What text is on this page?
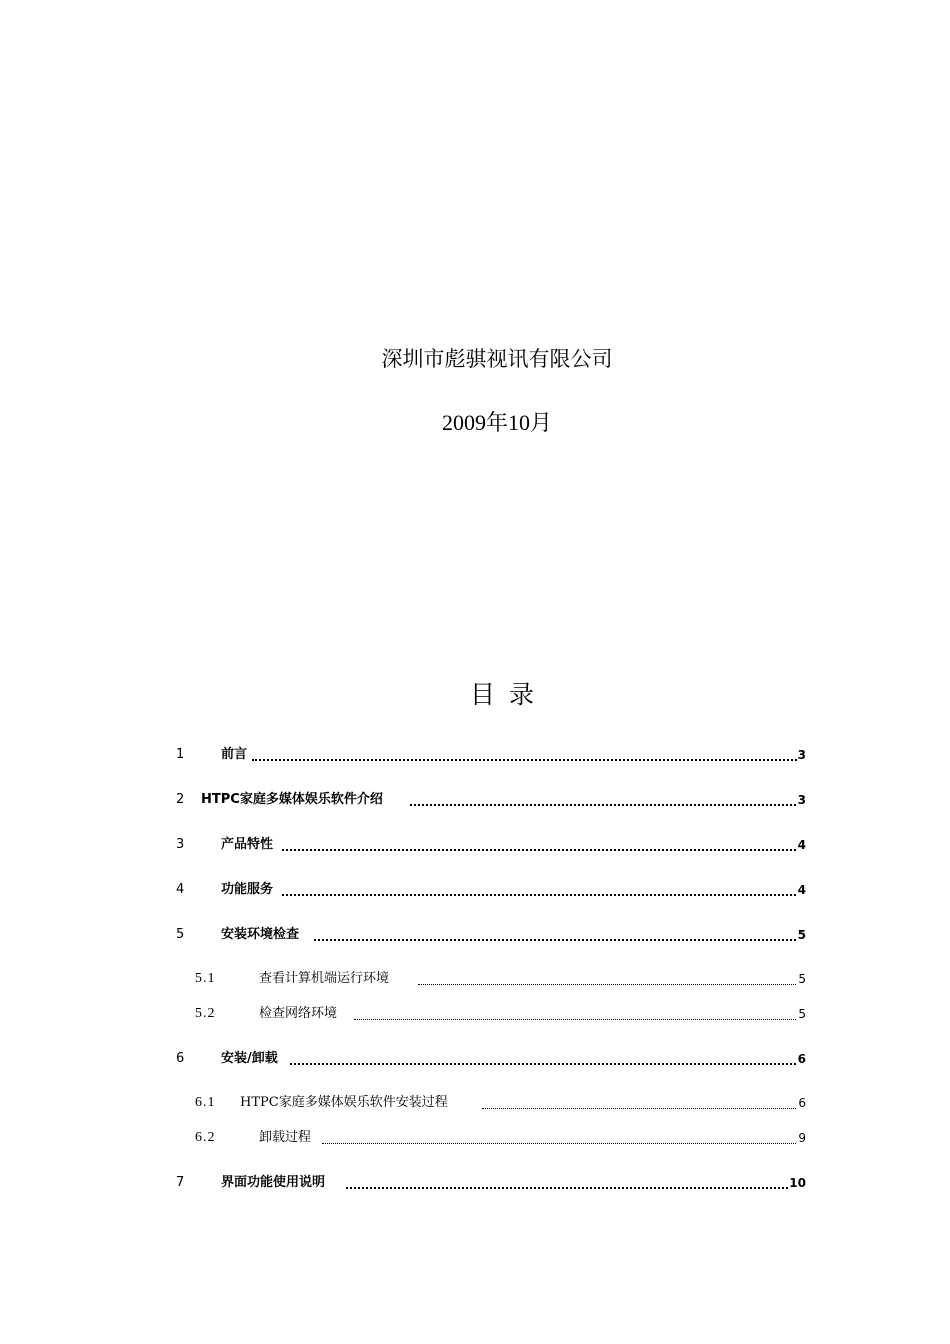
深圳市彪骐视讯有限公司
2009年10月
目 录
1	前言	3
2 HTPC家庭多媒体娱乐软件介绍	3
3	产品特性	4
4	功能服务	4
5	安装环境检查	5
5.1	查看计算机端运行环境	5
5.2	检查网络环境	5
6	安装/卸载	6
6.1 HTPC家庭多媒体娱乐软件安装过程	6
6.2	卸载过程	9
7	界面功能使用说明	10
